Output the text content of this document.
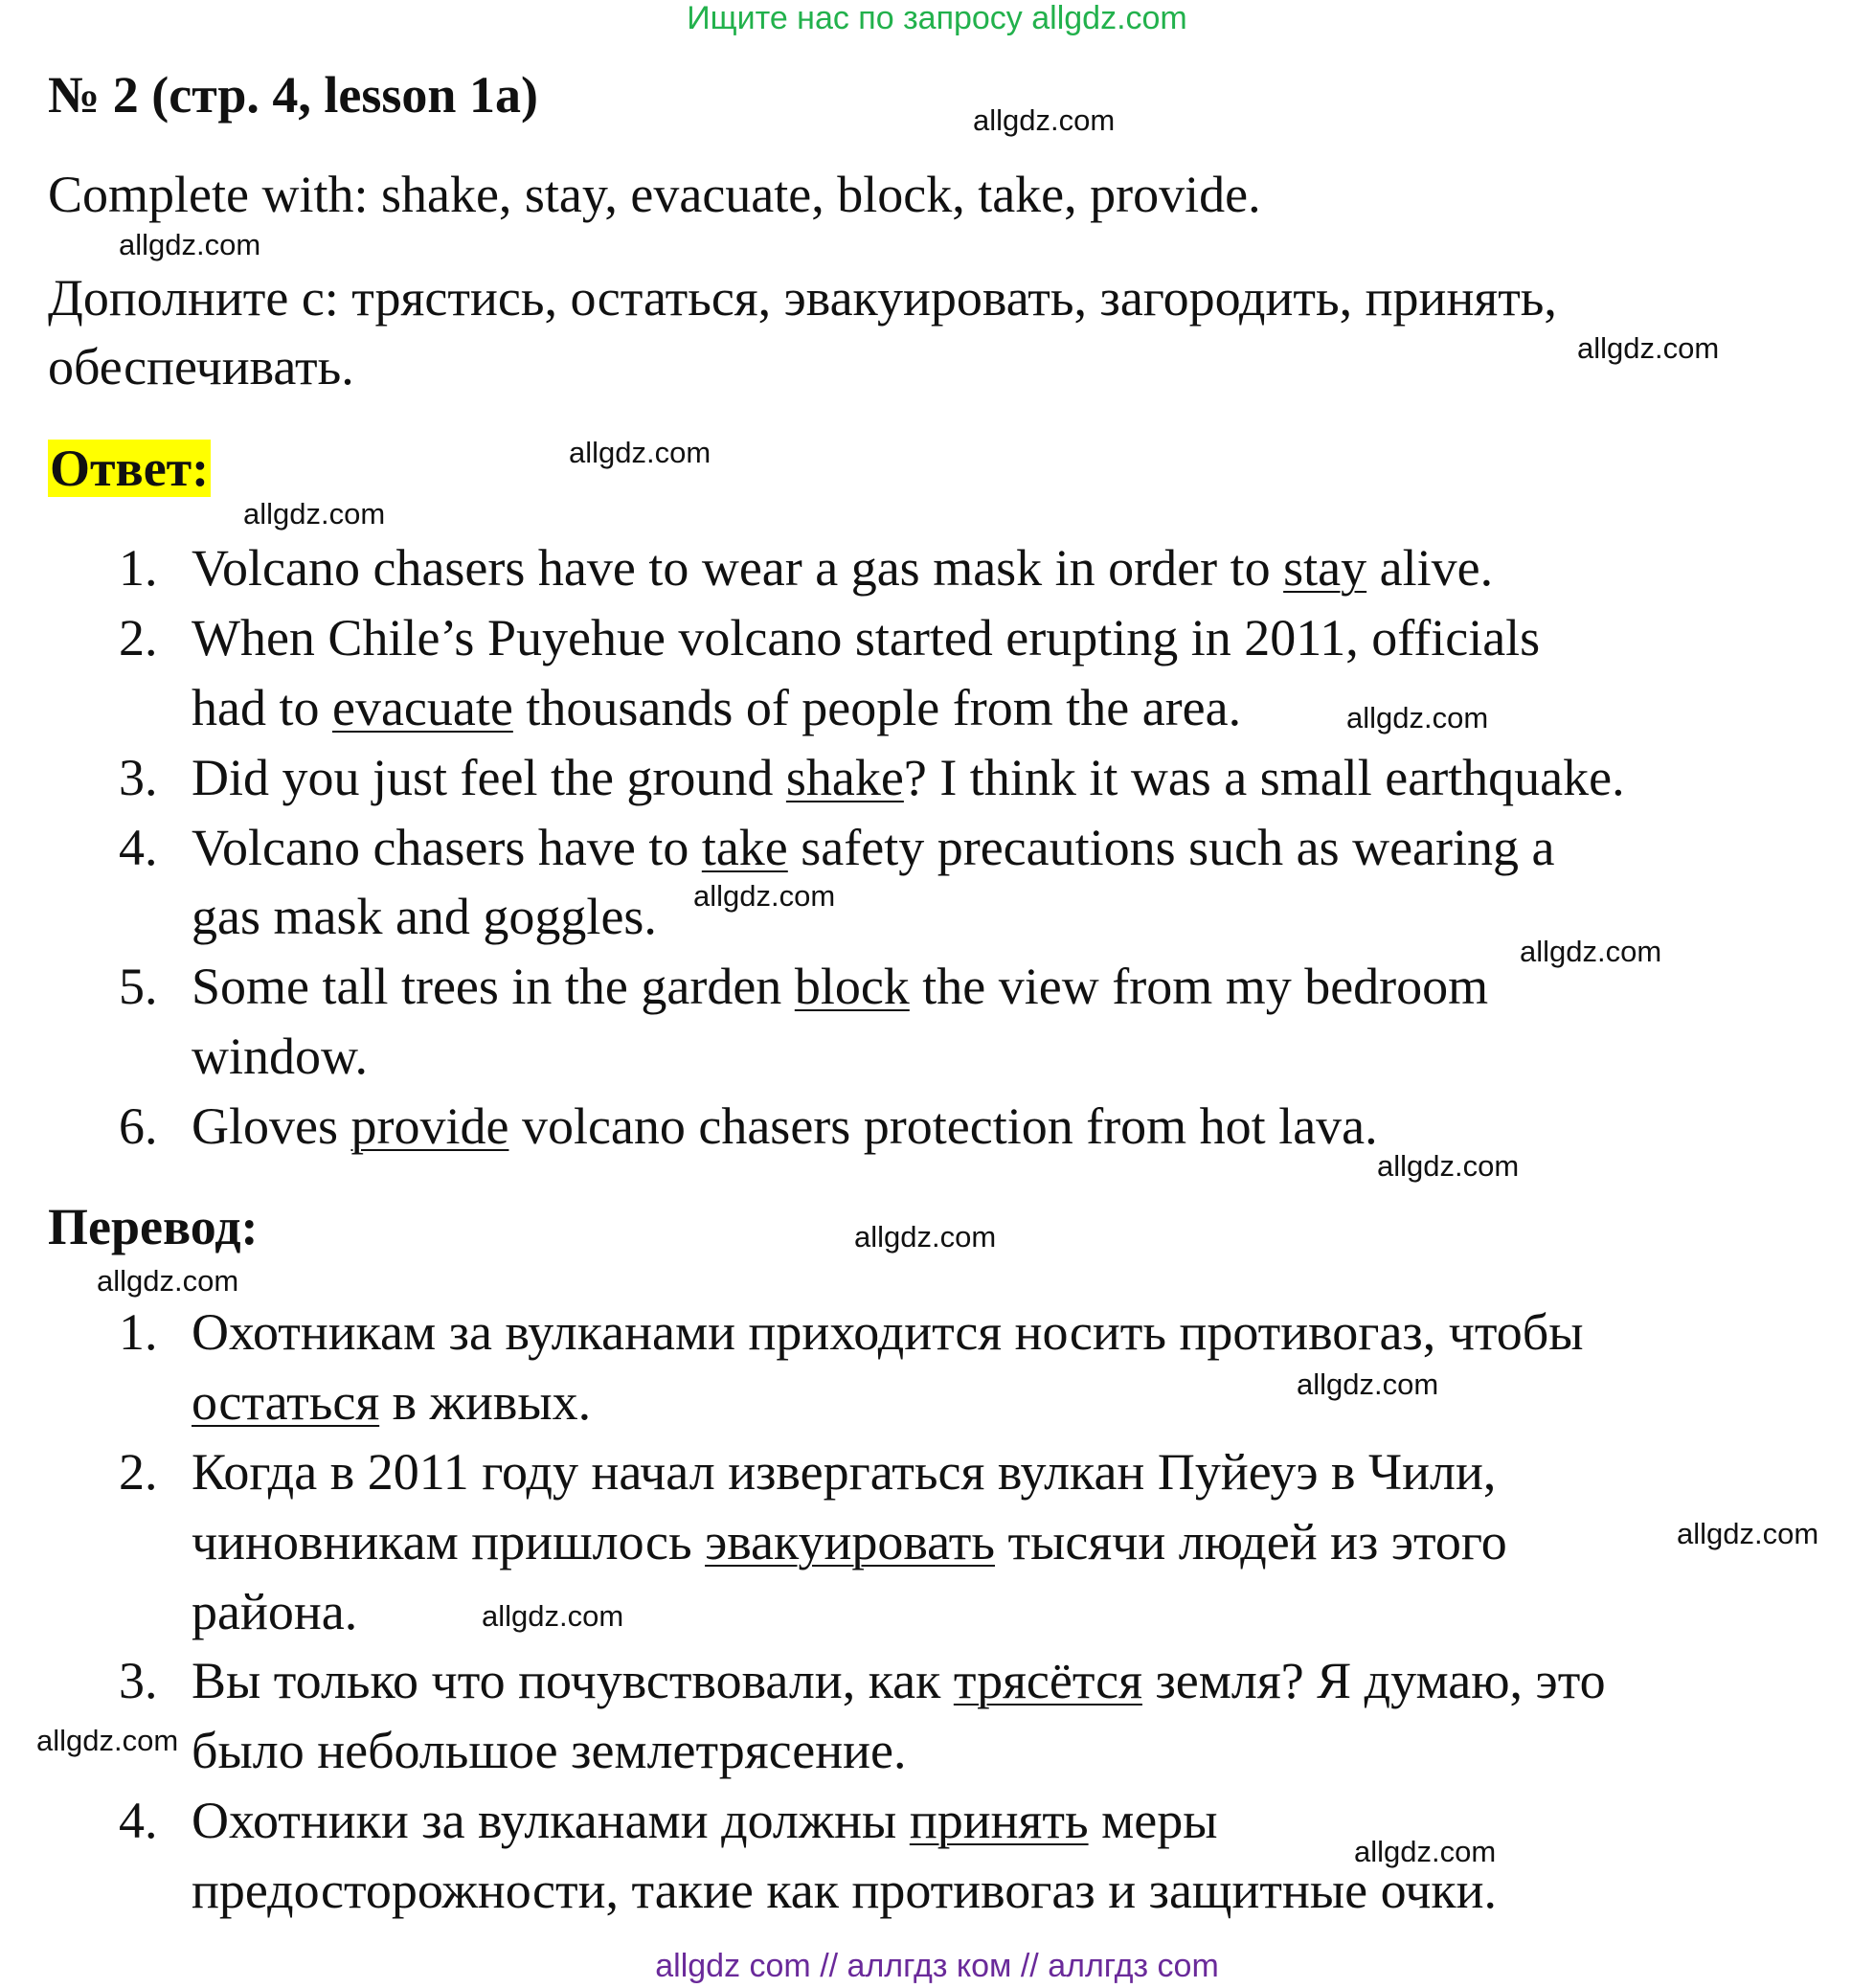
Ищите нас по запросу allgdz.com
№ 2 (стр. 4, lesson 1a)
Complete with: shake, stay, evacuate, block, take, provide.
Дополните с: трястись, остаться, эвакуировать, загородить, принять,
обеспечивать.
Ответ:
1. Volcano chasers have to wear a gas mask in order to stay alive.
2. When Chile’s Puyehue volcano started erupting in 2011, officials
had to evacuate thousands of people from the area.
3. Did you just feel the ground shake? I think it was a small earthquake.
4. Volcano chasers have to take safety precautions such as wearing a
gas mask and goggles.
5. Some tall trees in the garden block the view from my bedroom
window.
6. Gloves provide volcano chasers protection from hot lava.
Перевод:
1. Охотникам за вулканами приходится носить противогаз, чтобы
остаться в живых.
2. Когда в 2011 году начал извергаться вулкан Пуйеуэ в Чили,
чиновникам пришлось эвакуировать тысячи людей из этого
района.
3. Вы только что почувствовали, как трясётся земля? Я думаю, это
было небольшое землетрясение.
4. Охотники за вулканами должны принять меры
предосторожности, такие как противогаз и защитные очки.
allgdz.com
allgdz.com
allgdz.com
allgdz.com
allgdz.com
allgdz.com
allgdz.com
allgdz.com
allgdz.com
allgdz.com
allgdz.com
allgdz.com
allgdz.com
allgdz.com
allgdz.com
allgdz.com
allgdz com // аллгдз ком // аллгдз com
